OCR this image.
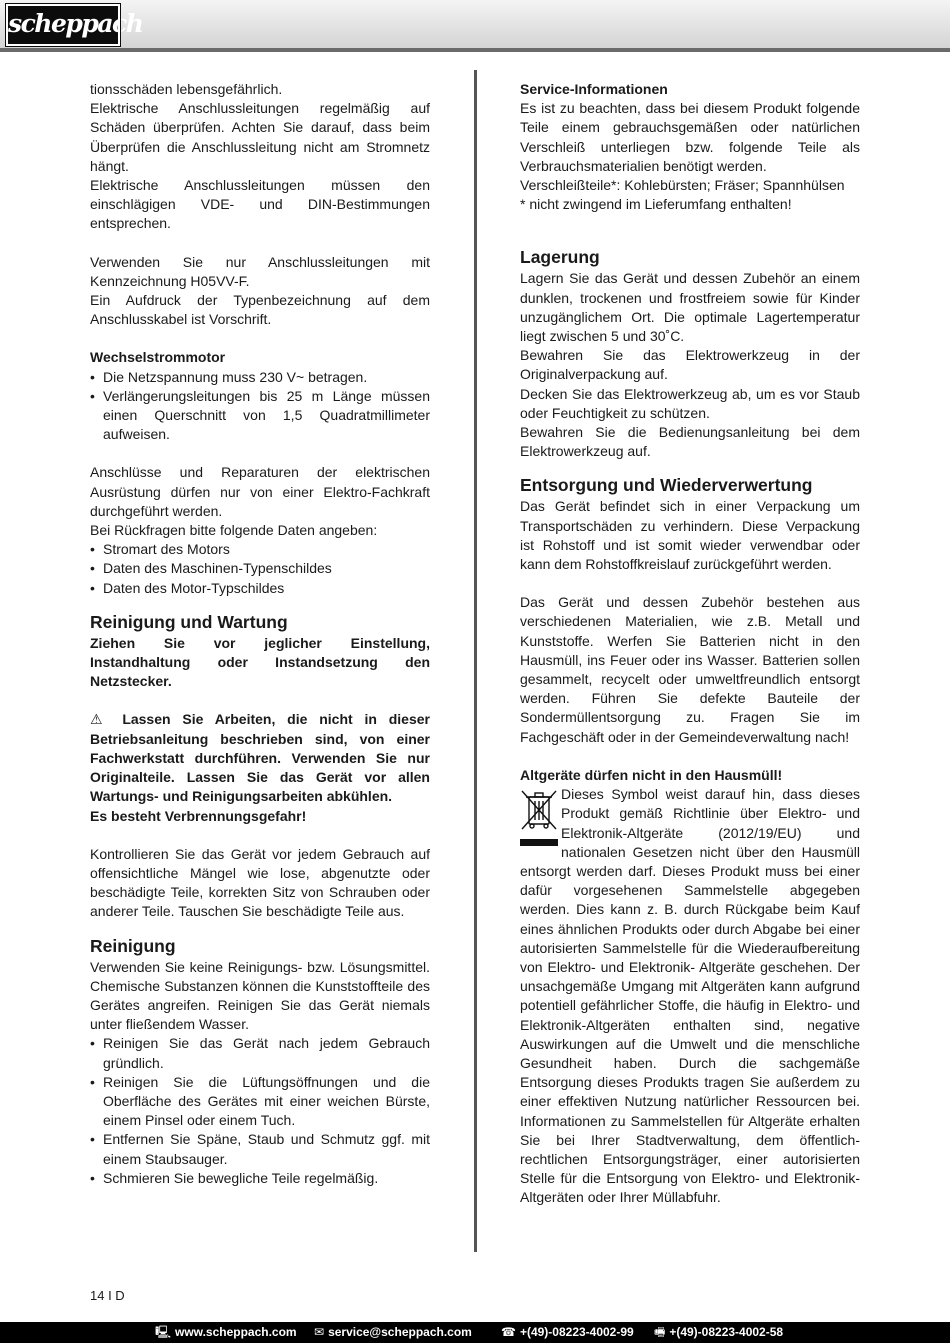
scheppach

tionsschäden lebensgefährlich.

Elektrische Anschlussleitungen regelmäßig auf Schäden überprüfen. Achten Sie darauf, dass beim Überprüfen die Anschlussleitung nicht am Stromnetz hängt.

Elektrische Anschlussleitungen müssen den einschlägigen VDE- und DIN-Bestimmungen entsprechen.

Verwenden Sie nur Anschlussleitungen mit Kennzeichnung H05VV-F.

Ein Aufdruck der Typenbezeichnung auf dem Anschlusskabel ist Vorschrift.

Wechselstrommotor

• Die Netzspannung muss 230 V~ betragen.
• Verlängerungsleitungen bis 25 m Länge müssen einen Querschnitt von 1,5 Quadratmillimeter aufweisen.

Anschlüsse und Reparaturen der elektrischen Ausrüstung dürfen nur von einer Elektro-Fachkraft durchgeführt werden.

Bei Rückfragen bitte folgende Daten angeben:

• Stromart des Motors
• Daten des Maschinen-Typenschildes
• Daten des Motor-Typschildes
Reinigung und Wartung

Ziehen Sie vor jeglicher Einstellung, Instandhaltung oder Instandsetzung den Netzstecker.

⚠ Lassen Sie Arbeiten, die nicht in dieser Betriebsanleitung beschrieben sind, von einer Fachwerkstatt durchführen. Verwenden Sie nur Originalteile. Lassen Sie das Gerät vor allen Wartungs- und Reinigungsarbeiten abkühlen.

Es besteht Verbrennungsgefahr!

Kontrollieren Sie das Gerät vor jedem Gebrauch auf offensichtliche Mängel wie lose, abgenutzte oder beschädigte Teile, korrekten Sitz von Schrauben oder anderer Teile. Tauschen Sie beschädigte Teile aus.

Reinigung

Verwenden Sie keine Reinigungs- bzw. Lösungsmittel. Chemische Substanzen können die Kunststoffteile des Gerätes angreifen. Reinigen Sie das Gerät niemals unter fließendem Wasser.

• Reinigen Sie das Gerät nach jedem Gebrauch gründlich.
• Reinigen Sie die Lüftungsöffnungen und die Oberfläche des Gerätes mit einer weichen Bürste, einem Pinsel oder einem Tuch.
• Entfernen Sie Späne, Staub und Schmutz ggf. mit einem Staubsauger.
• Schmieren Sie bewegliche Teile regelmäßig.

Service-Informationen

Es ist zu beachten, dass bei diesem Produkt folgende Teile einem gebrauchsgemäßen oder natürlichen Verschleiß unterliegen bzw. folgende Teile als Verbrauchsmaterialien benötigt werden.

Verschleißteile*: Kohlebürsten; Fräser; Spannhülsen

* nicht zwingend im Lieferumfang enthalten!

Lagerung

Lagern Sie das Gerät und dessen Zubehör an einem dunklen, trockenen und frostfreiem sowie für Kinder unzugänglichem Ort. Die optimale Lagertemperatur liegt zwischen 5 und 30˚C.

Bewahren Sie das Elektrowerkzeug in der Originalverpackung auf.

Decken Sie das Elektrowerkzeug ab, um es vor Staub oder Feuchtigkeit zu schützen.

Bewahren Sie die Bedienungsanleitung bei dem Elektrowerkzeug auf.

Entsorgung und Wiederverwertung

Das Gerät befindet sich in einer Verpackung um Transportschäden zu verhindern. Diese Verpackung ist Rohstoff und ist somit wieder verwendbar oder kann dem Rohstoffkreislauf zurückgeführt werden.

Das Gerät und dessen Zubehör bestehen aus verschiedenen Materialien, wie z.B. Metall und Kunststoffe. Werfen Sie Batterien nicht in den Hausmüll, ins Feuer oder ins Wasser. Batterien sollen gesammelt, recycelt oder umweltfreundlich entsorgt werden. Führen Sie defekte Bauteile der Sondermüllentsorgung zu. Fragen Sie im Fachgeschäft oder in der Gemeindeverwaltung nach!

Altgeräte dürfen nicht in den Hausmüll!

Dieses Symbol weist darauf hin, dass dieses Produkt gemäß Richtlinie über Elektro- und Elektronik-Altgeräte (2012/19/EU) und nationalen Gesetzen nicht über den Hausmüll entsorgt werden darf. Dieses Produkt muss bei einer dafür vorgesehenen Sammelstelle abgegeben werden. Dies kann z. B. durch Rückgabe beim Kauf eines ähnlichen Produkts oder durch Abgabe bei einer autorisierten Sammelstelle für die Wiederaufbereitung von Elektro- und Elektronik- Altgeräte geschehen. Der unsachgemäße Umgang mit Altgeräten kann aufgrund potentiell gefährlicher Stoffe, die häufig in Elektro- und Elektronik-Altgeräten enthalten sind, negative Auswirkungen auf die Umwelt und die menschliche Gesundheit haben. Durch die sachgemäße Entsorgung dieses Produkts tragen Sie außerdem zu einer effektiven Nutzung natürlicher Ressourcen bei. Informationen zu Sammelstellen für Altgeräte erhalten Sie bei Ihrer Stadtverwaltung, dem öffentlich-rechtlichen Entsorgungsträger, einer autorisierten Stelle für die Entsorgung von Elektro- und Elektronik-Altgeräten oder Ihrer Müllabfuhr.

14 I D
🖳 www.scheppach.com ✉ service@scheppach.com ☎ +(49)-08223-4002-99 🖷 +(49)-08223-4002-58
